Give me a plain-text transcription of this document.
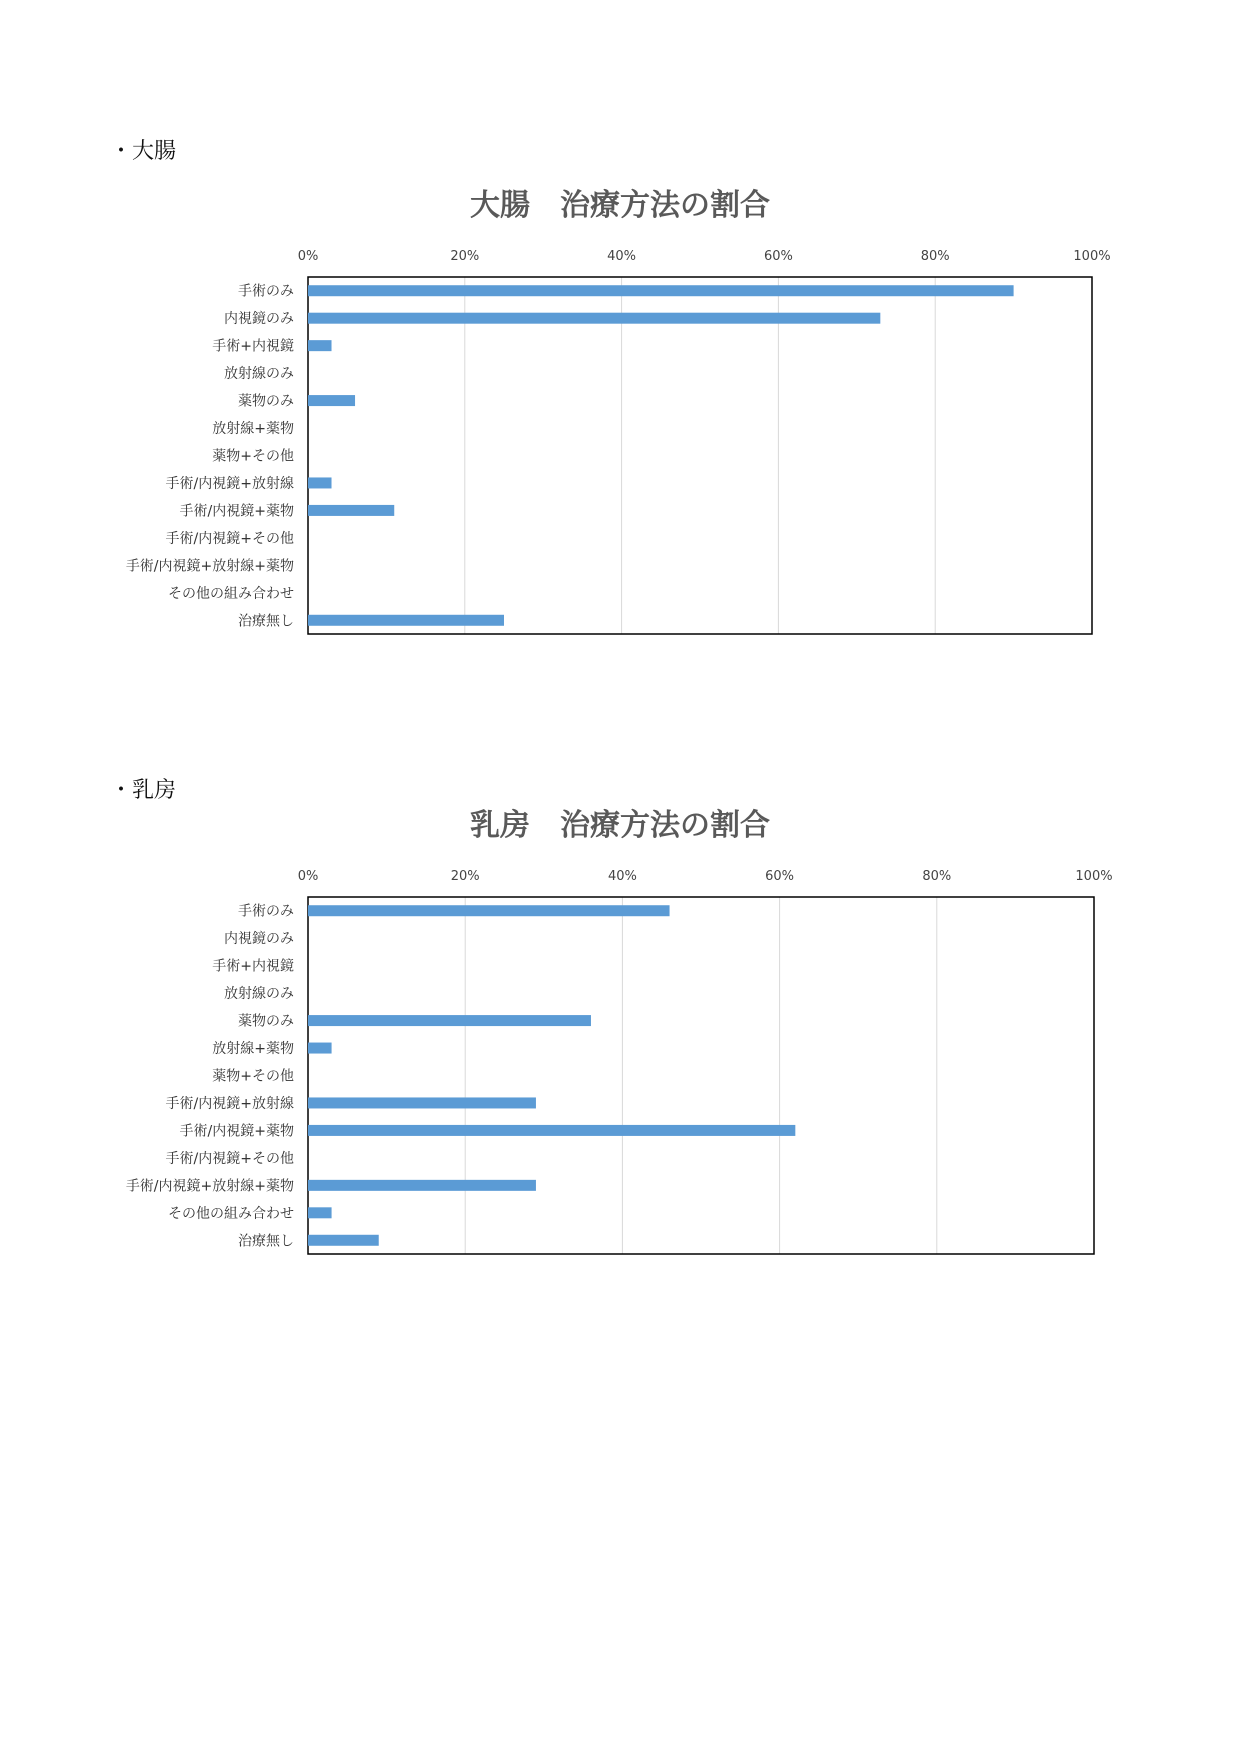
・大腸
大腸　治療方法の割合
0%	20%	40%	60%	80%	100%
手術のみ
内視鏡のみ
手術+内視鏡
放射線のみ
薬物のみ
放射線+薬物
薬物+その他
手術/内視鏡+放射線
手術/内視鏡+薬物
手術/内視鏡+その他
手術/内視鏡+放射線+薬物
その他の組み合わせ
治療無し
・乳房
乳房　治療方法の割合
0%	20%	40%	60%	80%	100%
手術のみ
内視鏡のみ
手術+内視鏡
放射線のみ
薬物のみ
放射線+薬物
薬物+その他
手術/内視鏡+放射線
手術/内視鏡+薬物
手術/内視鏡+その他
手術/内視鏡+放射線+薬物
その他の組み合わせ
治療無し
